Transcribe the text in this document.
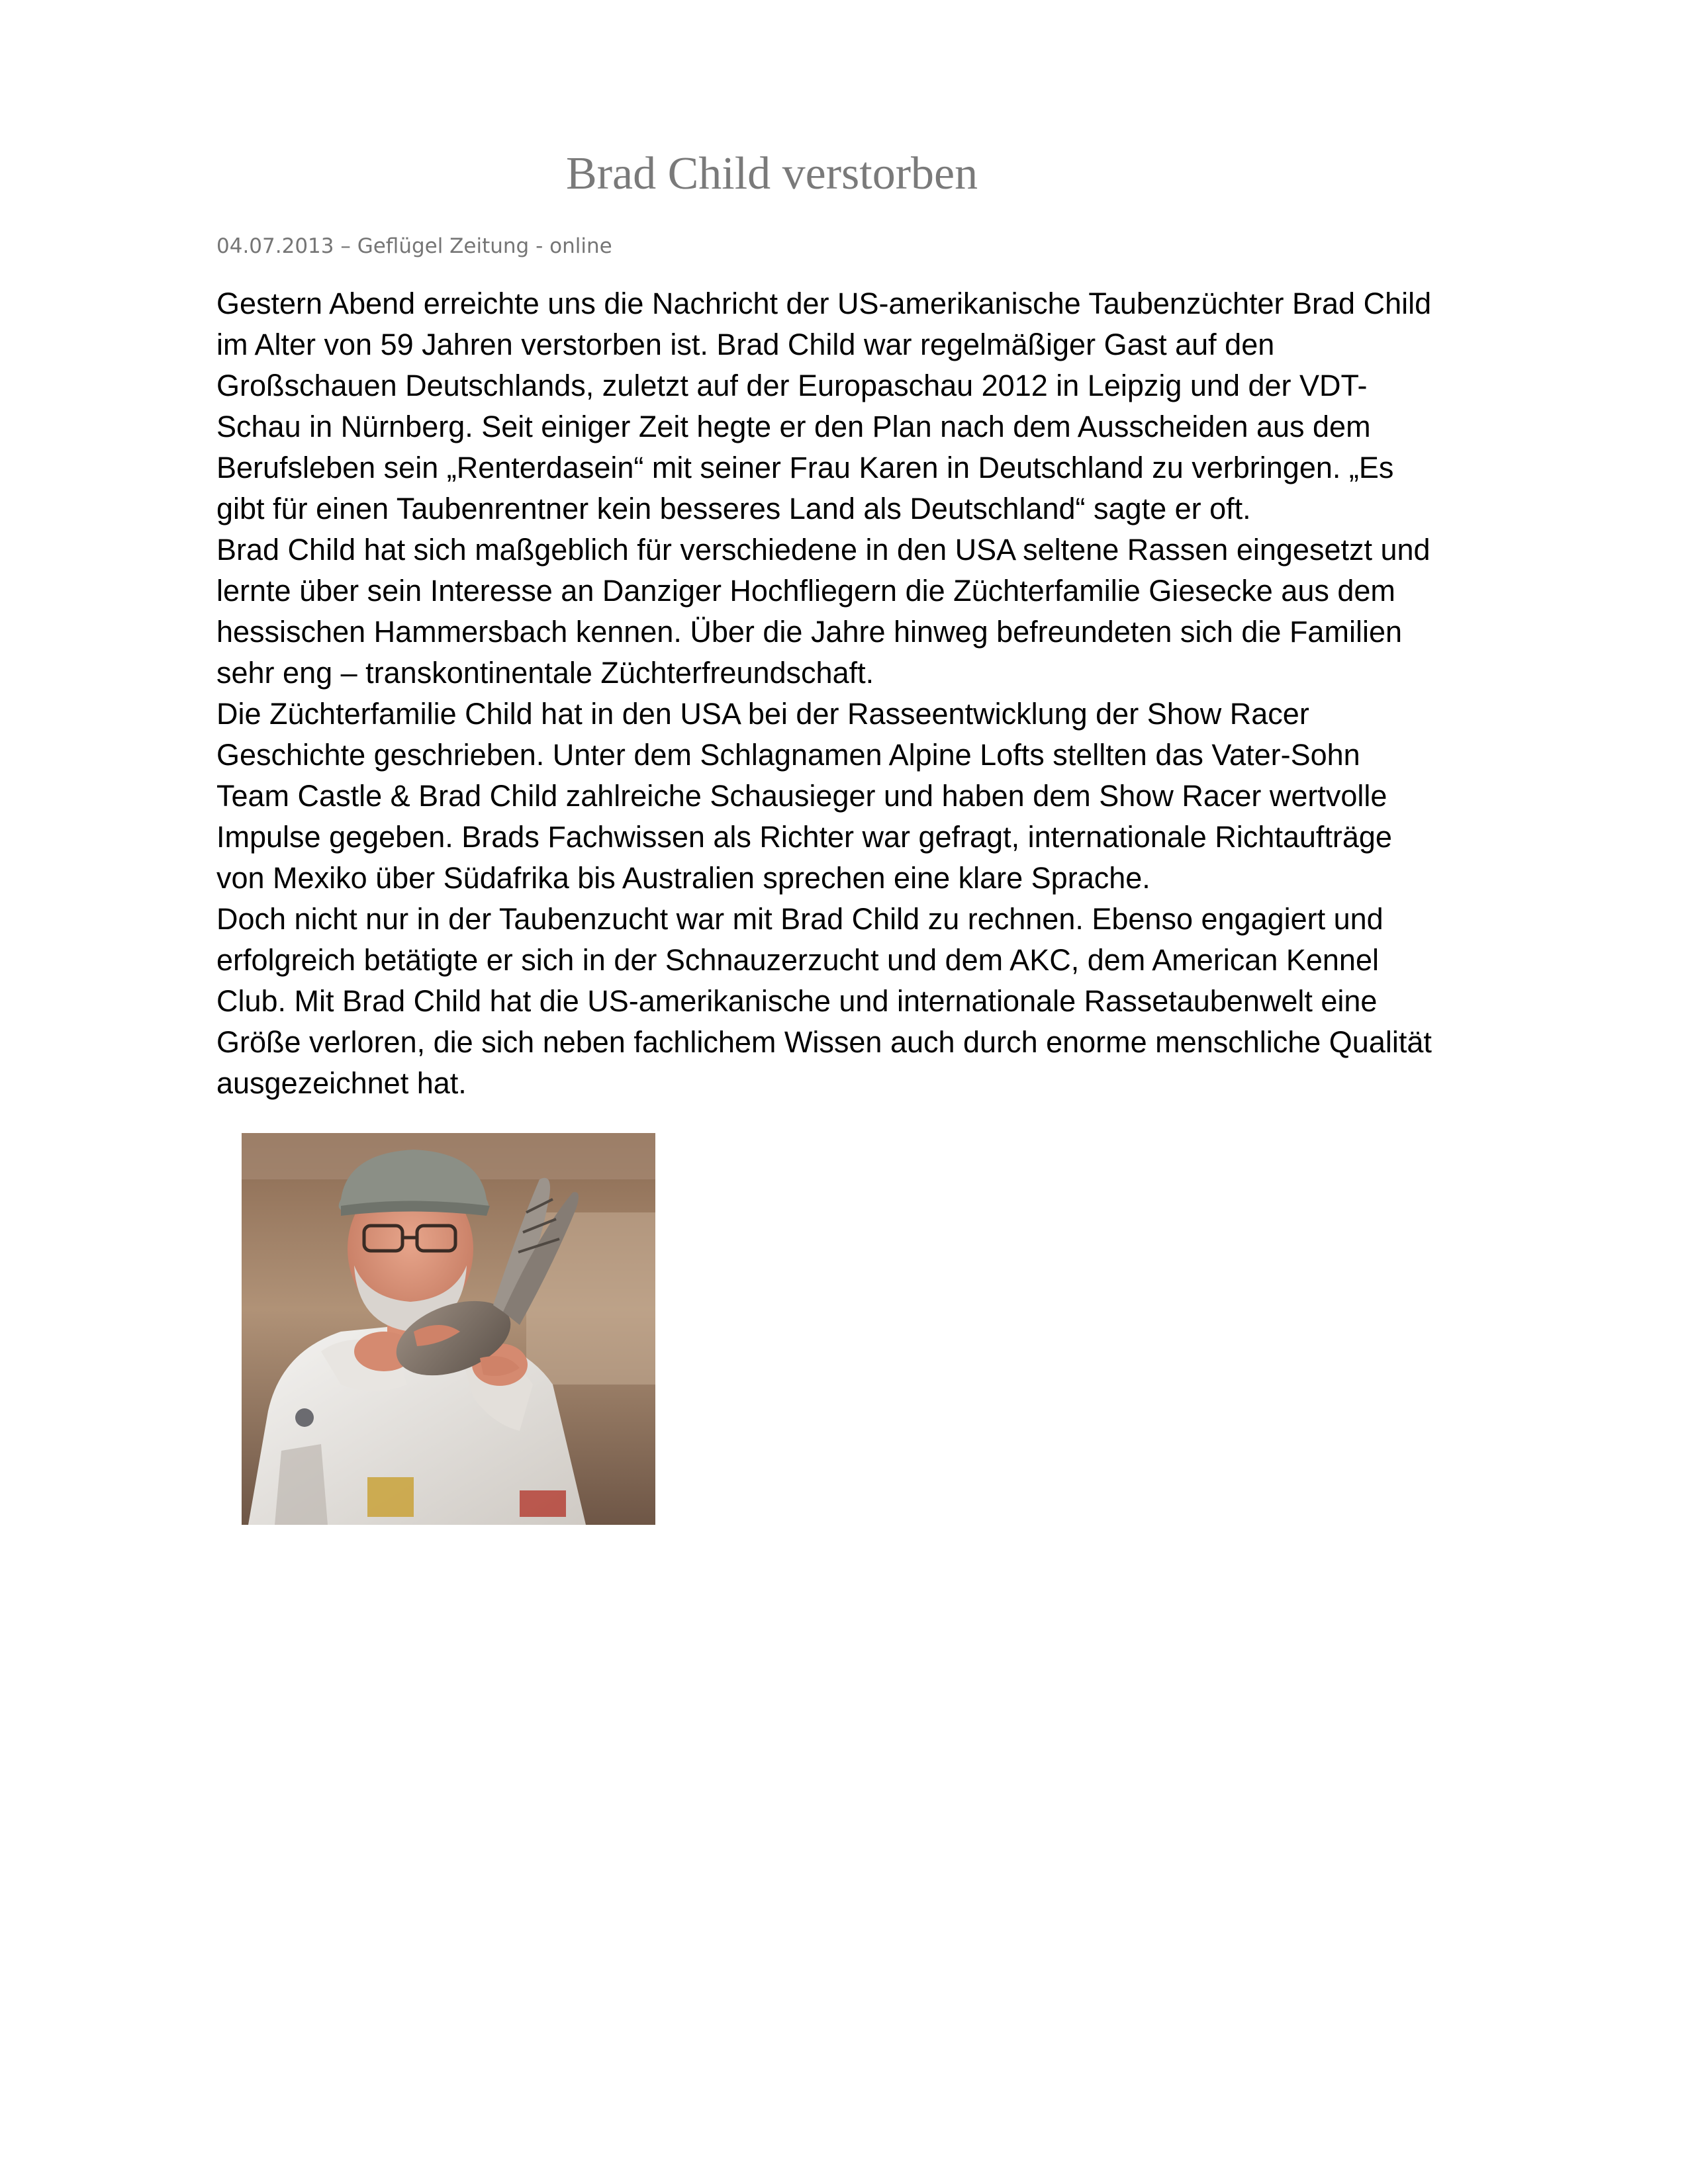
Brad Child verstorben
04.07.2013 – Geflügel Zeitung - online

Gestern Abend erreichte uns die Nachricht der US-amerikanische Taubenzüchter Brad Child
im Alter von 59 Jahren verstorben ist. Brad Child war regelmäßiger Gast auf den
Großschauen Deutschlands, zuletzt auf der Europaschau 2012 in Leipzig und der VDT-
Schau in Nürnberg. Seit einiger Zeit hegte er den Plan nach dem Ausscheiden aus dem
Berufsleben sein „Renterdasein“ mit seiner Frau Karen in Deutschland zu verbringen. „Es
gibt für einen Taubenrentner kein besseres Land als Deutschland“ sagte er oft.

Brad Child hat sich maßgeblich für verschiedene in den USA seltene Rassen eingesetzt und
lernte über sein Interesse an Danziger Hochfliegern die Züchterfamilie Giesecke aus dem
hessischen Hammersbach kennen. Über die Jahre hinweg befreundeten sich die Familien
sehr eng – transkontinentale Züchterfreundschaft.

Die Züchterfamilie Child hat in den USA bei der Rasseentwicklung der Show Racer
Geschichte geschrieben. Unter dem Schlagnamen Alpine Lofts stellten das Vater-Sohn
Team Castle & Brad Child zahlreiche Schausieger und haben dem Show Racer wertvolle
Impulse gegeben. Brads Fachwissen als Richter war gefragt, internationale Richtaufträge
von Mexiko über Südafrika bis Australien sprechen eine klare Sprache.

Doch nicht nur in der Taubenzucht war mit Brad Child zu rechnen. Ebenso engagiert und
erfolgreich betätigte er sich in der Schnauzerzucht und dem AKC, dem American Kennel
Club. Mit Brad Child hat die US-amerikanische und internationale Rassetaubenwelt eine
Größe verloren, die sich neben fachlichem Wissen auch durch enorme menschliche Qualität
ausgezeichnet hat.
